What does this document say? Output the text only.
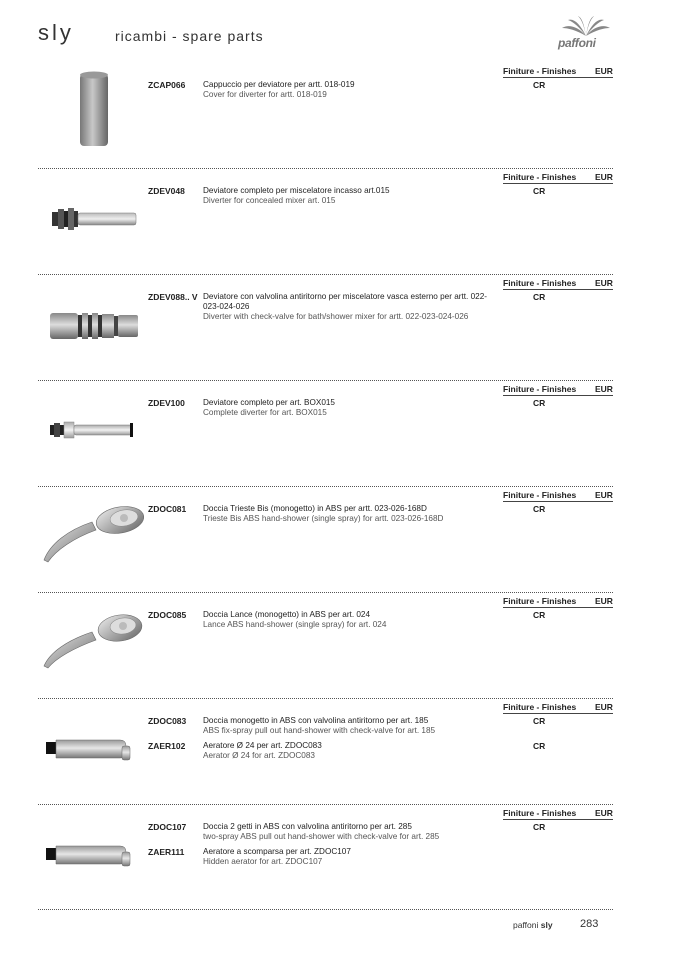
sly	ricambi - spare parts	paffoni
Finiture - Finishes EUR
ZCAP066 Cappuccio per deviatore per artt. 018-019
Cover for diverter for artt. 018-019
CR
Finiture - Finishes EUR
ZDEV048 Deviatore completo per miscelatore incasso art.015
Diverter for concealed mixer art. 015
CR
Finiture - Finishes EUR
ZDEV088.. V Deviatore con valvolina antiritorno per miscelatore vasca esterno per artt. 022-023-024-026
Diverter with check-valve for bath/shower mixer for artt. 022-023-024-026
CR
Finiture - Finishes EUR
ZDEV100 Deviatore completo per art. BOX015
Complete diverter for art. BOX015
CR
Finiture - Finishes EUR
ZDOC081 Doccia Trieste Bis (monogetto) in ABS per artt. 023-026-168D
Trieste Bis ABS hand-shower (single spray) for artt. 023-026-168D
CR
Finiture - Finishes EUR
ZDOC085 Doccia Lance (monogetto) in ABS per art. 024
Lance ABS hand-shower (single spray) for art. 024
CR
Finiture - Finishes EUR
ZDOC083 Doccia monogetto in ABS con valvolina antiritorno per art. 185
ABS fix-spray pull out hand-shower with check-valve for art. 185
CR
ZAER102 Aeratore Ø 24 per art. ZDOC083
Aerator Ø 24 for art. ZDOC083
CR
Finiture - Finishes EUR
ZDOC107 Doccia 2 getti in ABS con valvolina antiritorno per art. 285
two-spray ABS pull out hand-shower with check-valve for art. 285
CR
ZAER111 Aeratore a scomparsa per art. ZDOC107
Hidden aerator for art. ZDOC107
paffoni sly 283
